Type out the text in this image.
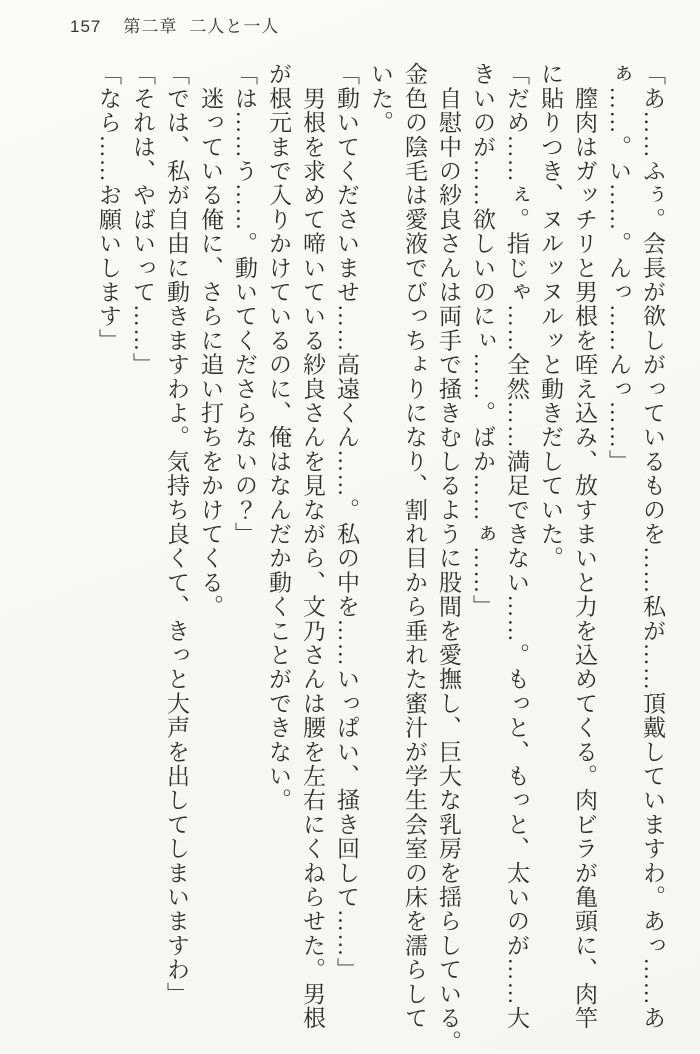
157 第二章 二人と一人
「あ……ふぅ。会長が欲しがっているものを……私が……頂戴していますわ。あっ……あ
ぁ……。い……。んっ……んっ……」
　膣肉はガッチリと男根を咥え込み、放すまいと力を込めてくる。肉ビラが亀頭に、肉竿
に貼りつき、ヌルッヌルッと動きだしていた。
「だめ……ぇ。指じゃ……全然……満足できない……。もっと、もっと、太いのが……大
きいのが……欲しいのにぃ……。ばか……ぁ……」
　自慰中の紗良さんは両手で掻きむしるように股間を愛撫し、巨大な乳房を揺らしている。
金色の陰毛は愛液でびっちょりになり、割れ目から垂れた蜜汁が学生会室の床を濡らして
いた。
「動いてくださいませ……高遠くん……。私の中を……いっぱい、掻き回して……」
　男根を求めて啼いている紗良さんを見ながら、文乃さんは腰を左右にくねらせた。男根
が根元まで入りかけているのに、俺はなんだか動くことができない。
「は……う……。動いてくださらないの？」
　迷っている俺に、さらに追い打ちをかけてくる。
「では、私が自由に動きますわよ。気持ち良くて、きっと大声を出してしまいますわ」
「それは、やばいって……」
「なら……お願いします」
